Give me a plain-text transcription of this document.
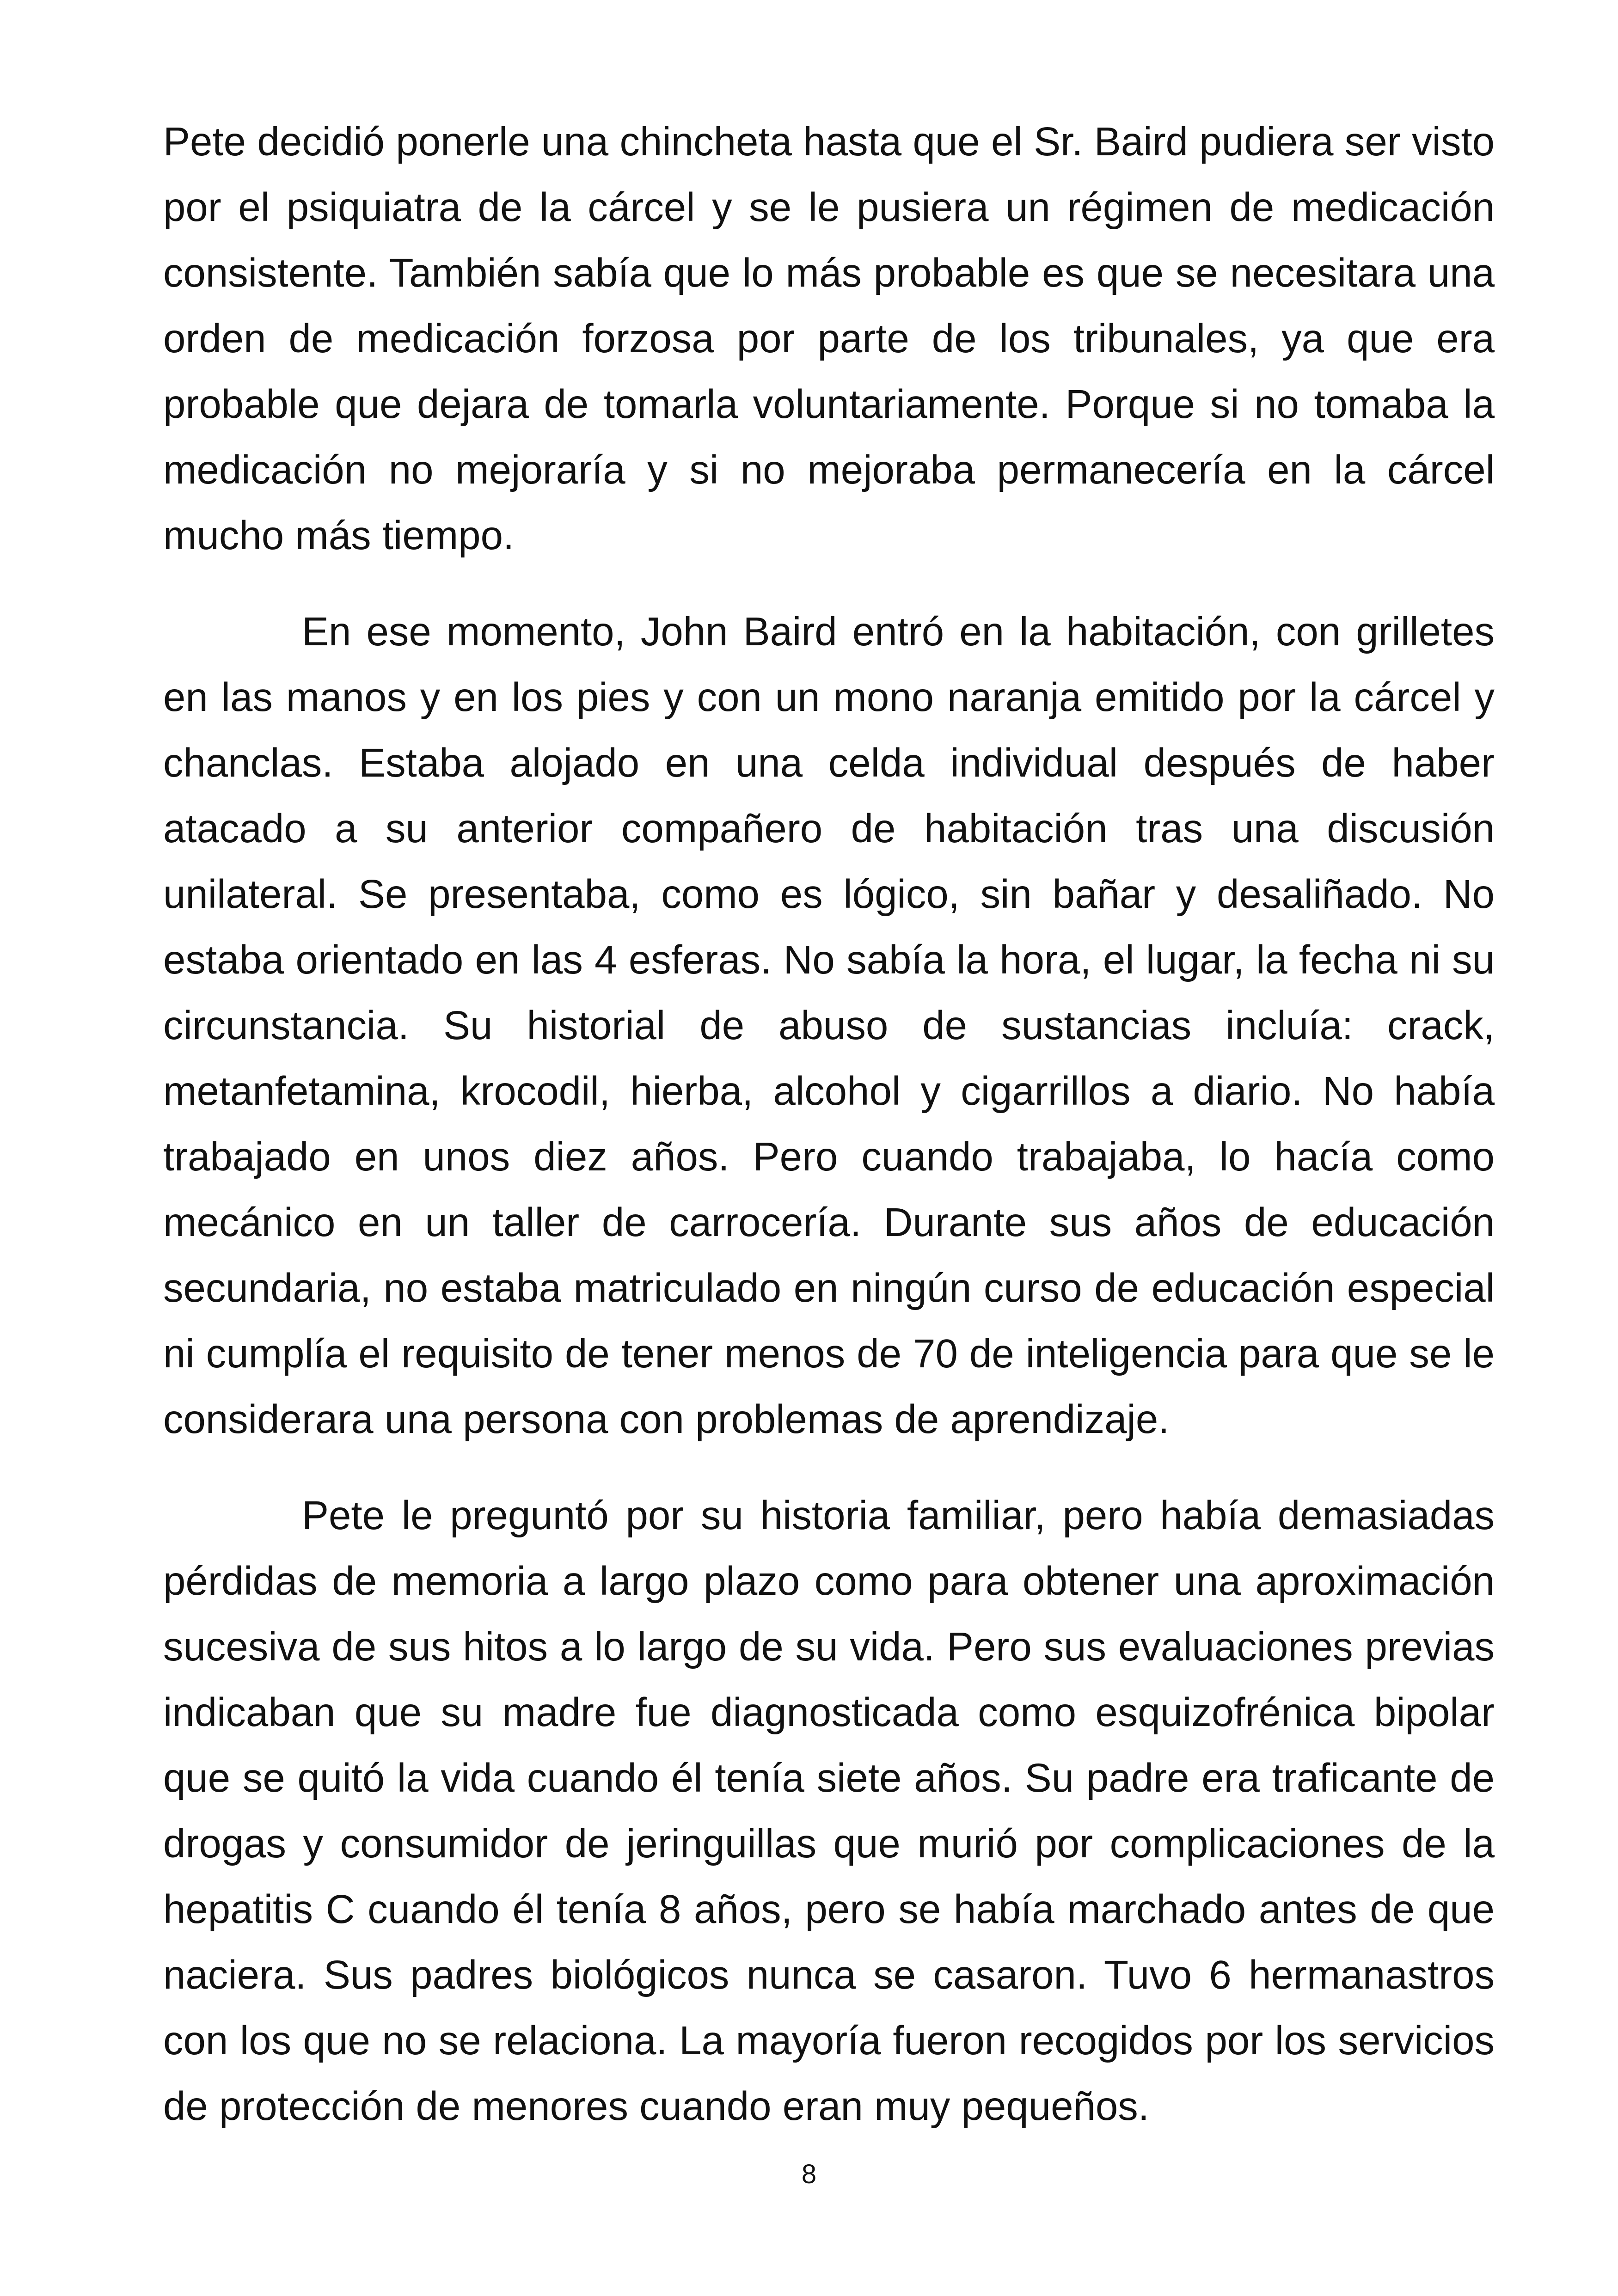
Pete decidió ponerle una chincheta hasta que el Sr. Baird pudiera ser visto por el psiquiatra de la cárcel y se le pusiera un régimen de medicación consistente. También sabía que lo más probable es que se necesitara una orden de medicación forzosa por parte de los tribunales, ya que era probable que dejara de tomarla voluntariamente. Porque si no tomaba la medicación no mejoraría y si no mejoraba permanecería en la cárcel mucho más tiempo.

En ese momento, John Baird entró en la habitación, con grilletes en las manos y en los pies y con un mono naranja emitido por la cárcel y chanclas. Estaba alojado en una celda individual después de haber atacado a su anterior compañero de habitación tras una discusión unilateral. Se presentaba, como es lógico, sin bañar y desaliñado. No estaba orientado en las 4 esferas. No sabía la hora, el lugar, la fecha ni su circunstancia. Su historial de abuso de sustancias incluía: crack, metanfetamina, krocodil, hierba, alcohol y cigarrillos a diario. No había trabajado en unos diez años. Pero cuando trabajaba, lo hacía como mecánico en un taller de carrocería. Durante sus años de educación secundaria, no estaba matriculado en ningún curso de educación especial ni cumplía el requisito de tener menos de 70 de inteligencia para que se le considerara una persona con problemas de aprendizaje.

Pete le preguntó por su historia familiar, pero había demasiadas pérdidas de memoria a largo plazo como para obtener una aproximación sucesiva de sus hitos a lo largo de su vida. Pero sus evaluaciones previas indicaban que su madre fue diagnosticada como esquizofrénica bipolar que se quitó la vida cuando él tenía siete años. Su padre era traficante de drogas y consumidor de jeringuillas que murió por complicaciones de la hepatitis C cuando él tenía 8 años, pero se había marchado antes de que naciera. Sus padres biológicos nunca se casaron. Tuvo 6 hermanastros con los que no se relaciona. La mayoría fueron recogidos por los servicios de protección de menores cuando eran muy pequeños.

8
